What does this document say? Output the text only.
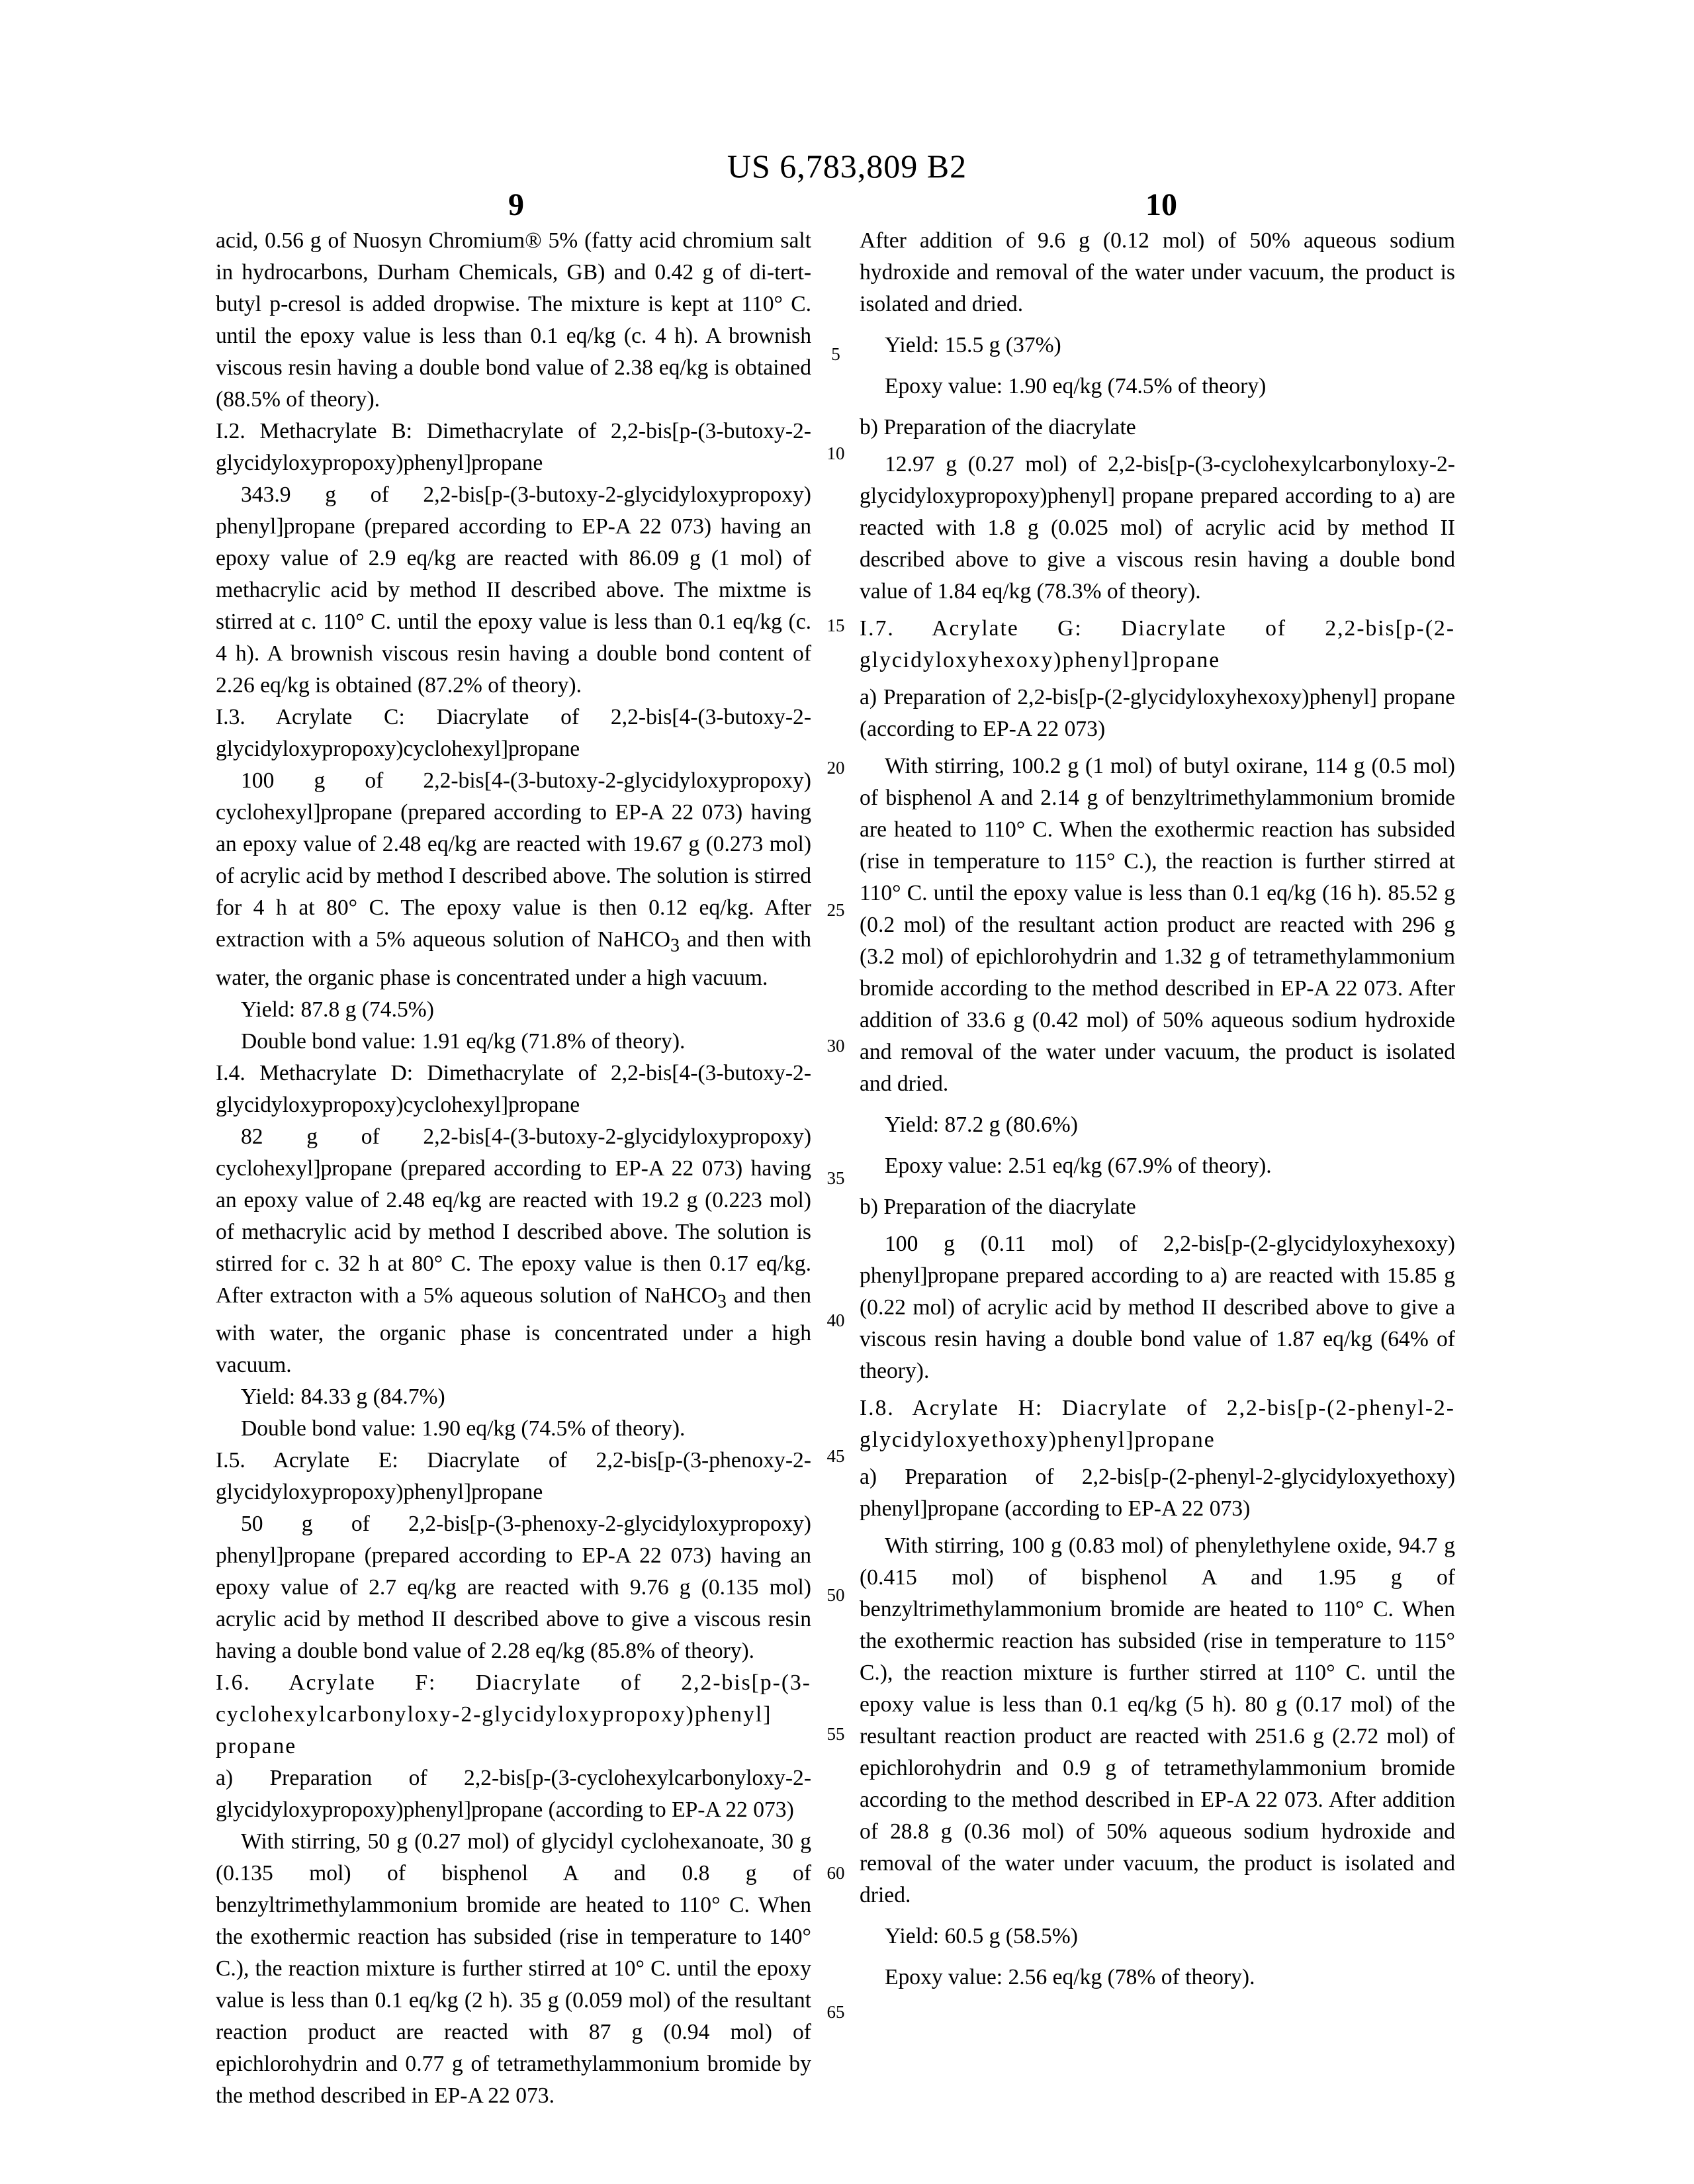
US 6,783,809 B2
9	10

acid, 0.56 g of Nuosyn Chromium® 5% (fatty acid chromium salt in hydrocarbons, Durham Chemicals, GB) and 0.42 g of di-tert-butyl p-cresol is added dropwise. The mixture is kept at 110° C. until the epoxy value is less than 0.1 eq/kg (c. 4 h). A brownish viscous resin having a double bond value of 2.38 eq/kg is obtained (88.5% of theory).

I.2. Methacrylate B: Dimethacrylate of 2,2-bis[p-(3-butoxy-2-glycidyloxypropoxy)phenyl]propane

343.9 g of 2,2-bis[p-(3-butoxy-2-glycidyloxypropoxy) phenyl]propane (prepared according to EP-A 22 073) having an epoxy value of 2.9 eq/kg are reacted with 86.09 g (1 mol) of methacrylic acid by method II described above. The mixtme is stirred at c. 110° C. until the epoxy value is less than 0.1 eq/kg (c. 4 h). A brownish viscous resin having a double bond content of 2.26 eq/kg is obtained (87.2% of theory).

I.3. Acrylate C: Diacrylate of 2,2-bis[4-(3-butoxy-2-glycidyloxypropoxy)cyclohexyl]propane

100 g of 2,2-bis[4-(3-butoxy-2-glycidyloxypropoxy) cyclohexyl]propane (prepared according to EP-A 22 073) having an epoxy value of 2.48 eq/kg are reacted with 19.67 g (0.273 mol) of acrylic acid by method I described above. The solution is stirred for 4 h at 80° C. The epoxy value is then 0.12 eq/kg. After extraction with a 5% aqueous solution of NaHCO3 and then with water, the organic phase is concentrated under a high vacuum.

Yield: 87.8 g (74.5%)

Double bond value: 1.91 eq/kg (71.8% of theory).

I.4. Methacrylate D: Dimethacrylate of 2,2-bis[4-(3-butoxy-2-glycidyloxypropoxy)cyclohexyl]propane

82 g of 2,2-bis[4-(3-butoxy-2-glycidyloxypropoxy) cyclohexyl]propane (prepared according to EP-A 22 073) having an epoxy value of 2.48 eq/kg are reacted with 19.2 g (0.223 mol) of methacrylic acid by method I described above. The solution is stirred for c. 32 h at 80° C. The epoxy value is then 0.17 eq/kg. After extracton with a 5% aqueous solution of NaHCO3 and then with water, the organic phase is concentrated under a high vacuum.

Yield: 84.33 g (84.7%)

Double bond value: 1.90 eq/kg (74.5% of theory).

I.5. Acrylate E: Diacrylate of 2,2-bis[p-(3-phenoxy-2-glycidyloxypropoxy)phenyl]propane

50 g of 2,2-bis[p-(3-phenoxy-2-glycidyloxypropoxy) phenyl]propane (prepared according to EP-A 22 073) having an epoxy value of 2.7 eq/kg are reacted with 9.76 g (0.135 mol) acrylic acid by method II described above to give a viscous resin having a double bond value of 2.28 eq/kg (85.8% of theory).

I.6. Acrylate F: Diacrylate of 2,2-bis[p-(3-cyclohexylcarbonyloxy-2-glycidyloxypropoxy)phenyl] propane

a) Preparation of 2,2-bis[p-(3-cyclohexylcarbonyloxy-2-glycidyloxypropoxy)phenyl]propane (according to EP-A 22 073)

With stirring, 50 g (0.27 mol) of glycidyl cyclohexanoate, 30 g (0.135 mol) of bisphenol A and 0.8 g of benzyltrimethylammonium bromide are heated to 110° C. When the exothermic reaction has subsided (rise in temperature to 140° C.), the reaction mixture is further stirred at 10° C. until the epoxy value is less than 0.1 eq/kg (2 h). 35 g (0.059 mol) of the resultant reaction product are reacted with 87 g (0.94 mol) of epichlorohydrin and 0.77 g of tetramethylammonium bromide by the method described in EP-A 22 073.

5
10
15
20
25
30
35
40
45
50
55
60
65

After addition of 9.6 g (0.12 mol) of 50% aqueous sodium hydroxide and removal of the water under vacuum, the product is isolated and dried.

Yield: 15.5 g (37%)

Epoxy value: 1.90 eq/kg (74.5% of theory)

b) Preparation of the diacrylate

12.97 g (0.27 mol) of 2,2-bis[p-(3-cyclohexylcarbonyloxy-2-glycidyloxypropoxy)phenyl] propane prepared according to a) are reacted with 1.8 g (0.025 mol) of acrylic acid by method II described above to give a viscous resin having a double bond value of 1.84 eq/kg (78.3% of theory).

I.7. Acrylate G: Diacrylate of 2,2-bis[p-(2-glycidyloxyhexoxy)phenyl]propane

a) Preparation of 2,2-bis[p-(2-glycidyloxyhexoxy)phenyl] propane (according to EP-A 22 073)

With stirring, 100.2 g (1 mol) of butyl oxirane, 114 g (0.5 mol) of bisphenol A and 2.14 g of benzyltrimethylammonium bromide are heated to 110° C. When the exothermic reaction has subsided (rise in temperature to 115° C.), the reaction is further stirred at 110° C. until the epoxy value is less than 0.1 eq/kg (16 h). 85.52 g (0.2 mol) of the resultant action product are reacted with 296 g (3.2 mol) of epichlorohydrin and 1.32 g of tetramethylammonium bromide according to the method described in EP-A 22 073. After addition of 33.6 g (0.42 mol) of 50% aqueous sodium hydroxide and removal of the water under vacuum, the product is isolated and dried.

Yield: 87.2 g (80.6%)

Epoxy value: 2.51 eq/kg (67.9% of theory).

b) Preparation of the diacrylate

100 g (0.11 mol) of 2,2-bis[p-(2-glycidyloxyhexoxy) phenyl]propane prepared according to a) are reacted with 15.85 g (0.22 mol) of acrylic acid by method II described above to give a viscous resin having a double bond value of 1.87 eq/kg (64% of theory).

I.8. Acrylate H: Diacrylate of 2,2-bis[p-(2-phenyl-2-glycidyloxyethoxy)phenyl]propane

a) Preparation of 2,2-bis[p-(2-phenyl-2-glycidyloxyethoxy) phenyl]propane (according to EP-A 22 073)

With stirring, 100 g (0.83 mol) of phenylethylene oxide, 94.7 g (0.415 mol) of bisphenol A and 1.95 g of benzyltrimethylammonium bromide are heated to 110° C. When the exothermic reaction has subsided (rise in temperature to 115° C.), the reaction mixture is further stirred at 110° C. until the epoxy value is less than 0.1 eq/kg (5 h). 80 g (0.17 mol) of the resultant reaction product are reacted with 251.6 g (2.72 mol) of epichlorohydrin and 0.9 g of tetramethylammonium bromide according to the method described in EP-A 22 073. After addition of 28.8 g (0.36 mol) of 50% aqueous sodium hydroxide and removal of the water under vacuum, the product is isolated and dried.

Yield: 60.5 g (58.5%)

Epoxy value: 2.56 eq/kg (78% of theory).
